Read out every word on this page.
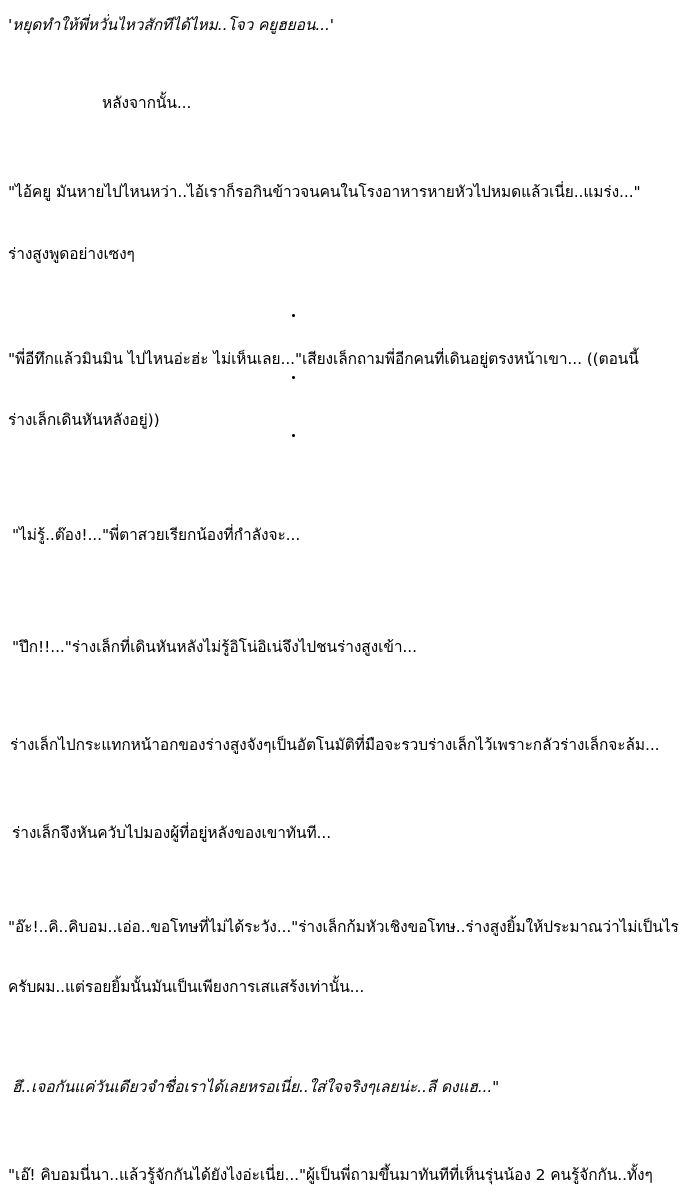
'หยุดทำให้พี่หวั่นไหวสักทีได้ไหม..โจว คยูฮยอน...'
หลังจากนั้น...
"ไอ้คยู มันหายไปไหนหว่า..ไอ้เราก็รอกินข้าวจนคนในโรงอาหารหายหัวไปหมดแล้วเนี่ย..แมร่ง..."
ร่างสูงพูดอย่างเซงๆ
"พี่อีทึกแล้วมินมิน ไปไหนอ่ะฮ่ะ ไม่เห็นเลย..."เสียงเล็กถามพี่อีกคนที่เดินอยู่ตรงหน้าเขา... ((ตอนนี้
ร่างเล็กเดินหันหลังอยู่))
"ไม่รู้..ต๊อง!..."พี่ตาสวยเรียกน้องที่กำลังจะ...
"ปึก!!..."ร่างเล็กที่เดินหันหลังไม่รู้อิโน่อิเน่จึงไปชนร่างสูงเข้า...
ร่างเล็กไปกระแทกหน้าอกของร่างสูงจังๆเป็นอัตโนมัติที่มือจะรวบร่างเล็กไว้เพราะกลัวร่างเล็กจะล้ม...
ร่างเล็กจึงหันควับไปมองผู้ที่อยู่หลังของเขาทันที...
"อ๊ะ!..คิ..คิบอม..เอ่อ..ขอโทษที่ไม่ได้ระวัง..."ร่างเล็กก้มหัวเชิงขอโทษ..ร่างสูงยิ้มให้ประมาณว่าไม่เป็นไร
ครับผม..แต่รอยยิ้มนั้นมันเป็นเพียงการเสแสร้งเท่านั้น...
ฮึ..เจอกันแค่วันเดียวจำชื่อเราได้เลยหรอเนี่ย..ใส่ใจจริงๆเลยน่ะ..ลี ดงแฮ..."
"เอ๊! คิบอมนี่นา..แล้วรู้จักกันได้ยังไงอ่ะเนี่ย..."ผู้เป็นพี่ถามขึ้นมาทันทีที่เห็นรุ่นน้อง 2 คนรู้จักกัน..ทั้งๆ
